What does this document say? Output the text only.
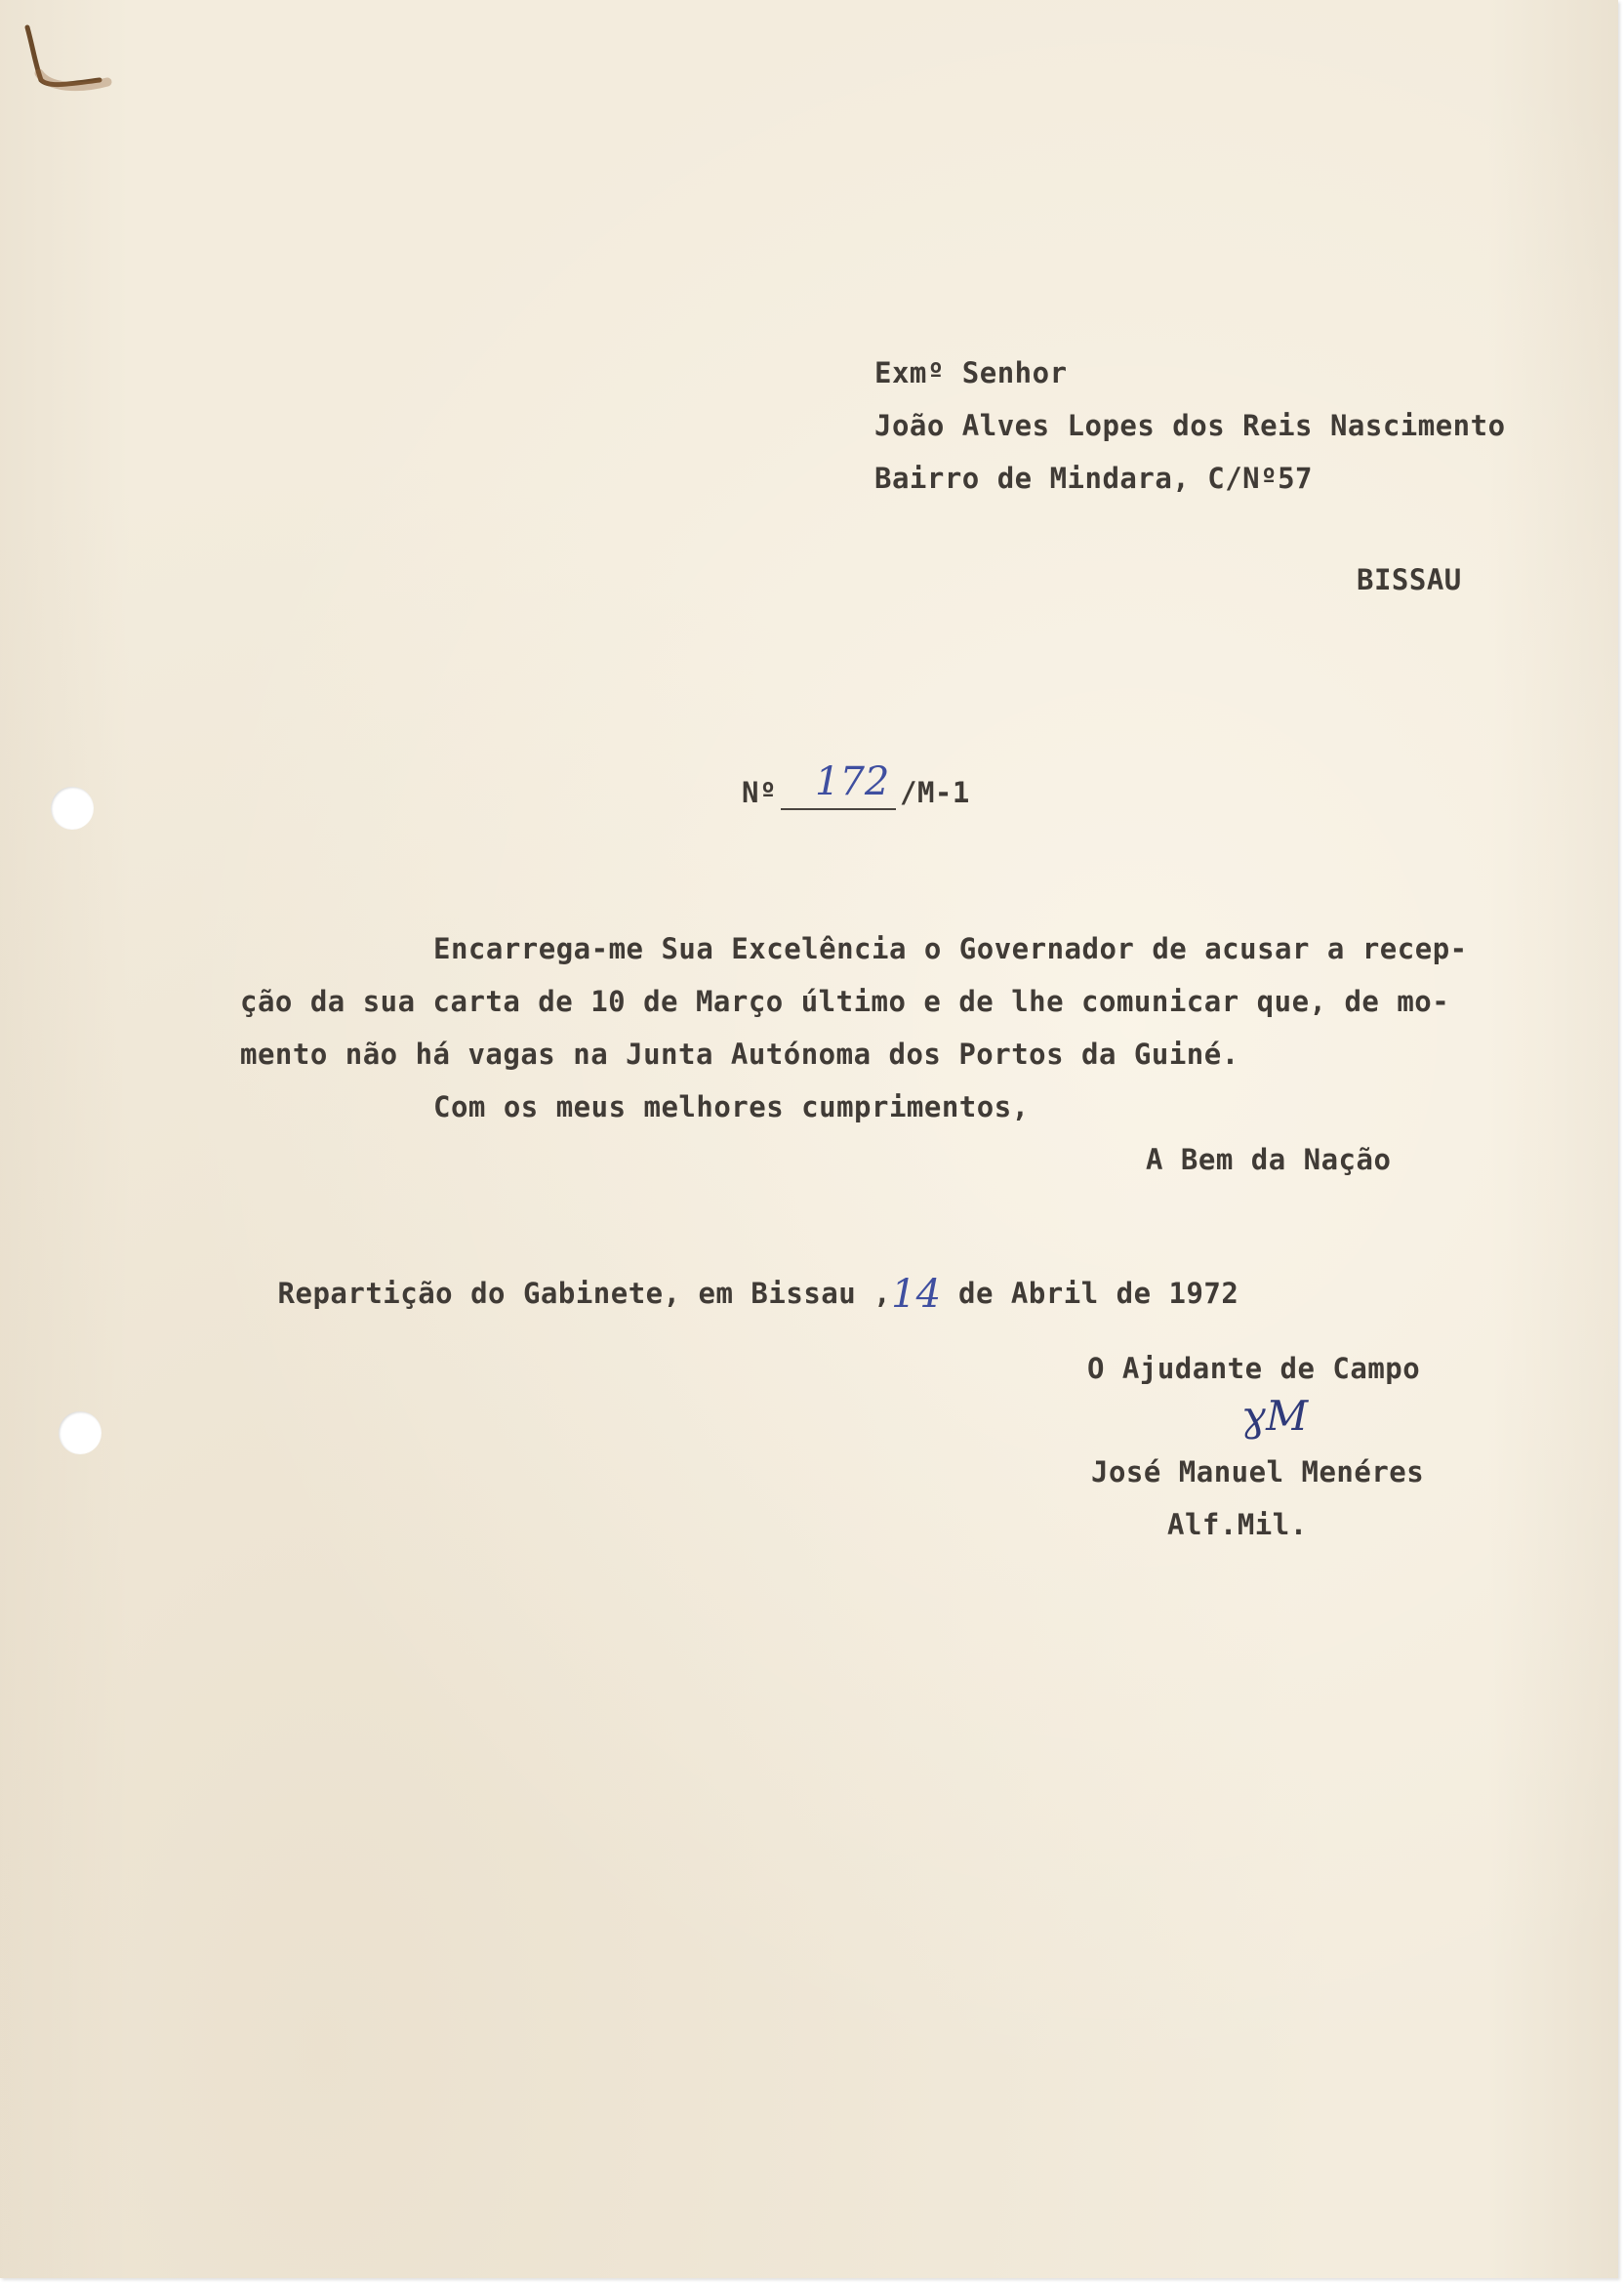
Exmº Senhor
João Alves Lopes dos Reis Nascimento
Bairro de Mindara, C/Nº57
BISSAU
Nº 172 /M-1
Encarrega-me Sua Excelência o Governador de acusar a recep-
ção da sua carta de 10 de Março último e de lhe comunicar que, de mo-
mento não há vagas na Junta Autónoma dos Portos da Guiné.
Com os meus melhores cumprimentos,
A Bem da Nação

Repartição do Gabinete, em Bissau ,14 de Abril de 1972

O Ajudante de Campo
ɣM
José Manuel Menéres
Alf.Mil.
